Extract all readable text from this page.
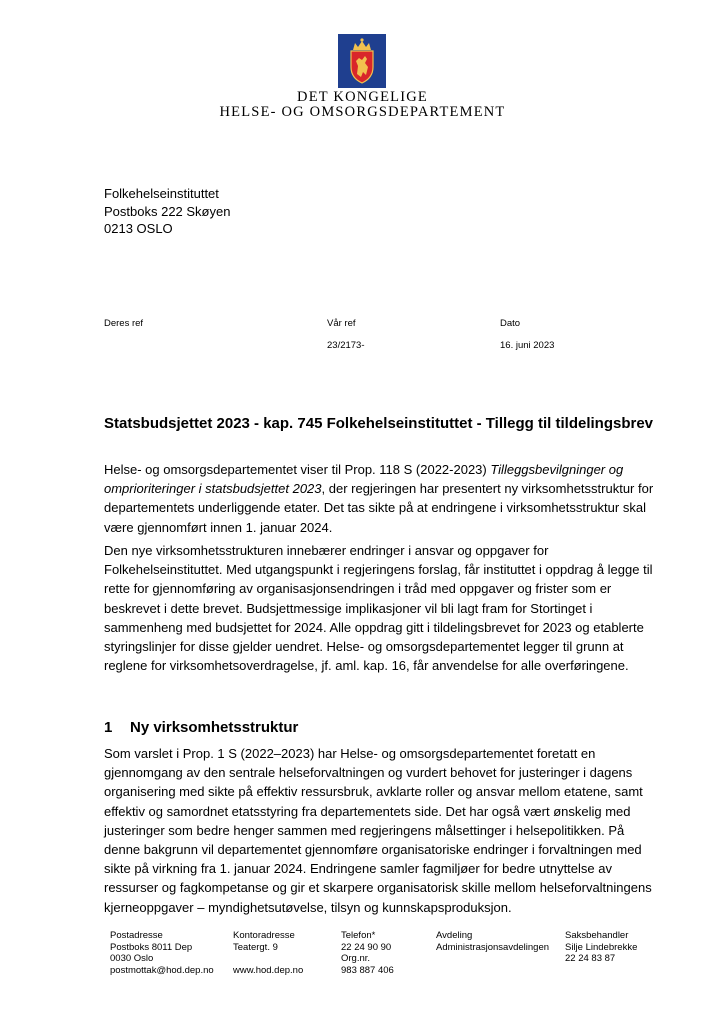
DET KONGELIGE
HELSE- OG OMSORGSDEPARTEMENT
Folkehelseinstituttet
Postboks 222 Skøyen
0213 OSLO
Deres ref	Vår ref
23/2173-
Dato
16. juni 2023
Statsbudsjettet 2023 - kap. 745 Folkehelseinstituttet - Tillegg til tildelingsbrev
Helse- og omsorgsdepartementet viser til Prop. 118 S (2022-2023) Tilleggsbevilgninger og omprioriteringer i statsbudsjettet 2023, der regjeringen har presentert ny virksomhetsstruktur for departementets underliggende etater. Det tas sikte på at endringene i virksomhetsstruktur skal være gjennomført innen 1. januar 2024.
Den nye virksomhetsstrukturen innebærer endringer i ansvar og oppgaver for Folkehelseinstituttet. Med utgangspunkt i regjeringens forslag, får instituttet i oppdrag å legge til rette for gjennomføring av organisasjonsendringen i tråd med oppgaver og frister som er beskrevet i dette brevet. Budsjettmessige implikasjoner vil bli lagt fram for Stortinget i sammenheng med budsjettet for 2024. Alle oppdrag gitt i tildelingsbrevet for 2023 og etablerte styringslinjer for disse gjelder uendret. Helse- og omsorgsdepartementet legger til grunn at reglene for virksomhetsoverdragelse, jf. aml. kap. 16, får anvendelse for alle overføringene.
1 Ny virksomhetsstruktur
Som varslet i Prop. 1 S (2022–2023) har Helse- og omsorgsdepartementet foretatt en gjennomgang av den sentrale helseforvaltningen og vurdert behovet for justeringer i dagens organisering med sikte på effektiv ressursbruk, avklarte roller og ansvar mellom etatene, samt effektiv og samordnet etatsstyring fra departementets side. Det har også vært ønskelig med justeringer som bedre henger sammen med regjeringens målsettinger i helsepolitikken. På denne bakgrunn vil departementet gjennomføre organisatoriske endringer i forvaltningen med sikte på virkning fra 1. januar 2024. Endringene samler fagmiljøer for bedre utnyttelse av ressurser og fagkompetanse og gir et skarpere organisatorisk skille mellom helseforvaltningens kjerneoppgaver – myndighetsutøvelse, tilsyn og kunnskapsproduksjon.
Postadresse
Postboks 8011 Dep
0030 Oslo
postmottak@hod.dep.no
Kontoradresse
Teatergt. 9

www.hod.dep.no
Telefon*
22 24 90 90
Org.nr.
983 887 406
Avdeling
Administrasjonsavdelingen
Saksbehandler
Silje Lindebrekke
22 24 83 87
